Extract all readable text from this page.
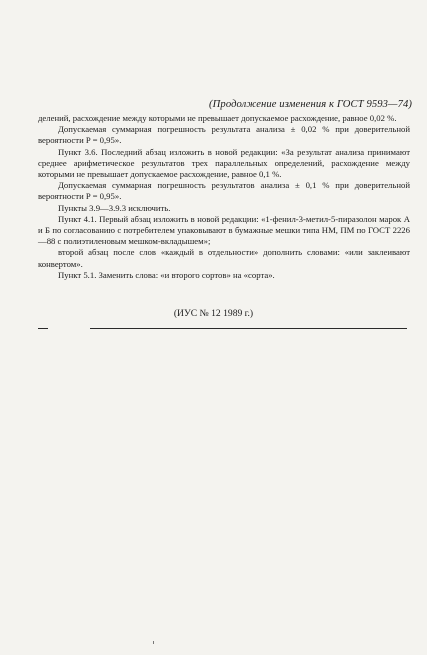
(Продолжение изменения к ГОСТ 9593—74)

делений, расхождение между которыми не превышает допускаемое расхождение, равное 0,02 %.

Допускаемая суммарная погрешность результата анализа ± 0,02 % при доверительной вероятности P = 0,95».

Пункт 3.6. Последний абзац изложить в новой редакции: «За результат анализа принимают среднее арифметическое результатов трех параллельных определений, расхождение между которыми не превышает допускаемое расхождение, равное 0,1 %.

Допускаемая суммарная погрешность результатов анализа ± 0,1 % при доверительной вероятности P = 0,95».

Пункты 3.9—3.9.3 исключить.

Пункт 4.1. Первый абзац изложить в новой редакции: «1-фенил-3-метил-5-пиразолон марок А и Б по согласованию с потребителем упаковывают в бумажные мешки типа НМ, ПМ по ГОСТ 2226—88 с полиэтиленовым мешком-вкладышем»;

второй абзац после слов «каждый в отдельности» дополнить словами: «или заклеивают конвертом».

Пункт 5.1. Заменить слова: «и второго сортов» на «сорта».

(ИУС № 12 1989 г.)
